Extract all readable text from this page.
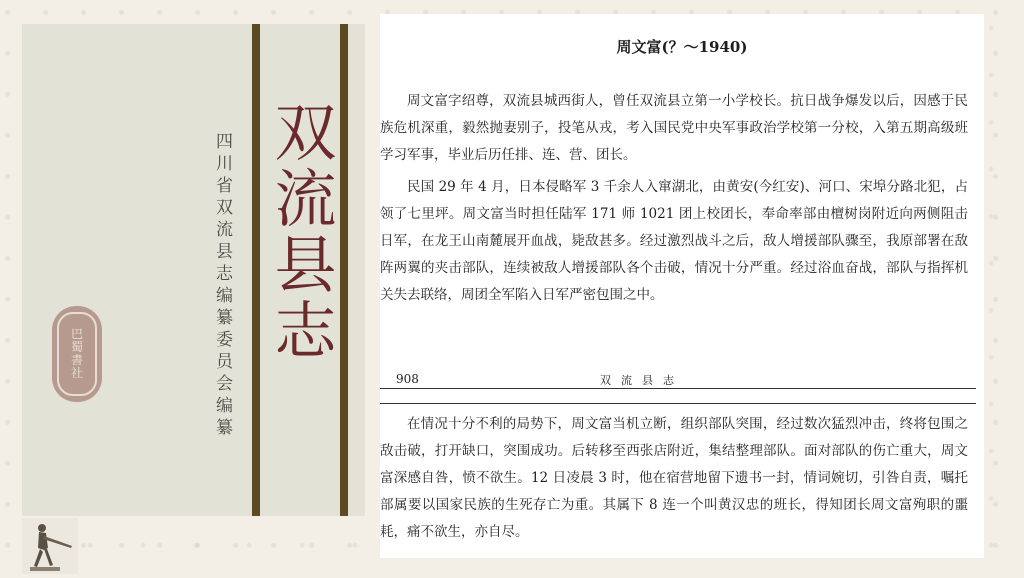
巴
蜀
書
社	四川省双流县志编纂委员会编纂 双流县志
周文富(？～1940)

周文富字绍尊，双流县城西街人，曾任双流县立第一小学校长。抗日战争爆发以后，因感于民族危机深重，毅然抛妻别子，投笔从戎，考入国民党中央军事政治学校第一分校，入第五期高级班学习军事，毕业后历任排、连、营、团长。

民国 29 年 4 月，日本侵略军 3 千余人入窜湖北，由黄安(今红安)、河口、宋埠分路北犯，占领了七里坪。周文富当时担任陆军 171 师 1021 团上校团长，奉命率部由檀树岗附近向两侧阻击日军，在龙王山南麓展开血战，毙敌甚多。经过激烈战斗之后，敌人增援部队骤至，我原部署在敌阵两翼的夹击部队，连续被敌人增援部队各个击破，情况十分严重。经过浴血奋战，部队与指挥机关失去联络，周团全军陷入日军严密包围之中。

908	双流县志

在情况十分不利的局势下，周文富当机立断，组织部队突围，经过数次猛烈冲击，终将包围之敌击破，打开缺口，突围成功。后转移至西张店附近，集结整理部队。面对部队的伤亡重大，周文富深感自咎，愤不欲生。12 日凌晨 3 时，他在宿营地留下遗书一封，情词婉切，引咎自责，嘱托部属要以国家民族的生死存亡为重。其属下 8 连一个叫黄汉忠的班长，得知团长周文富殉职的噩耗，痛不欲生，亦自尽。
